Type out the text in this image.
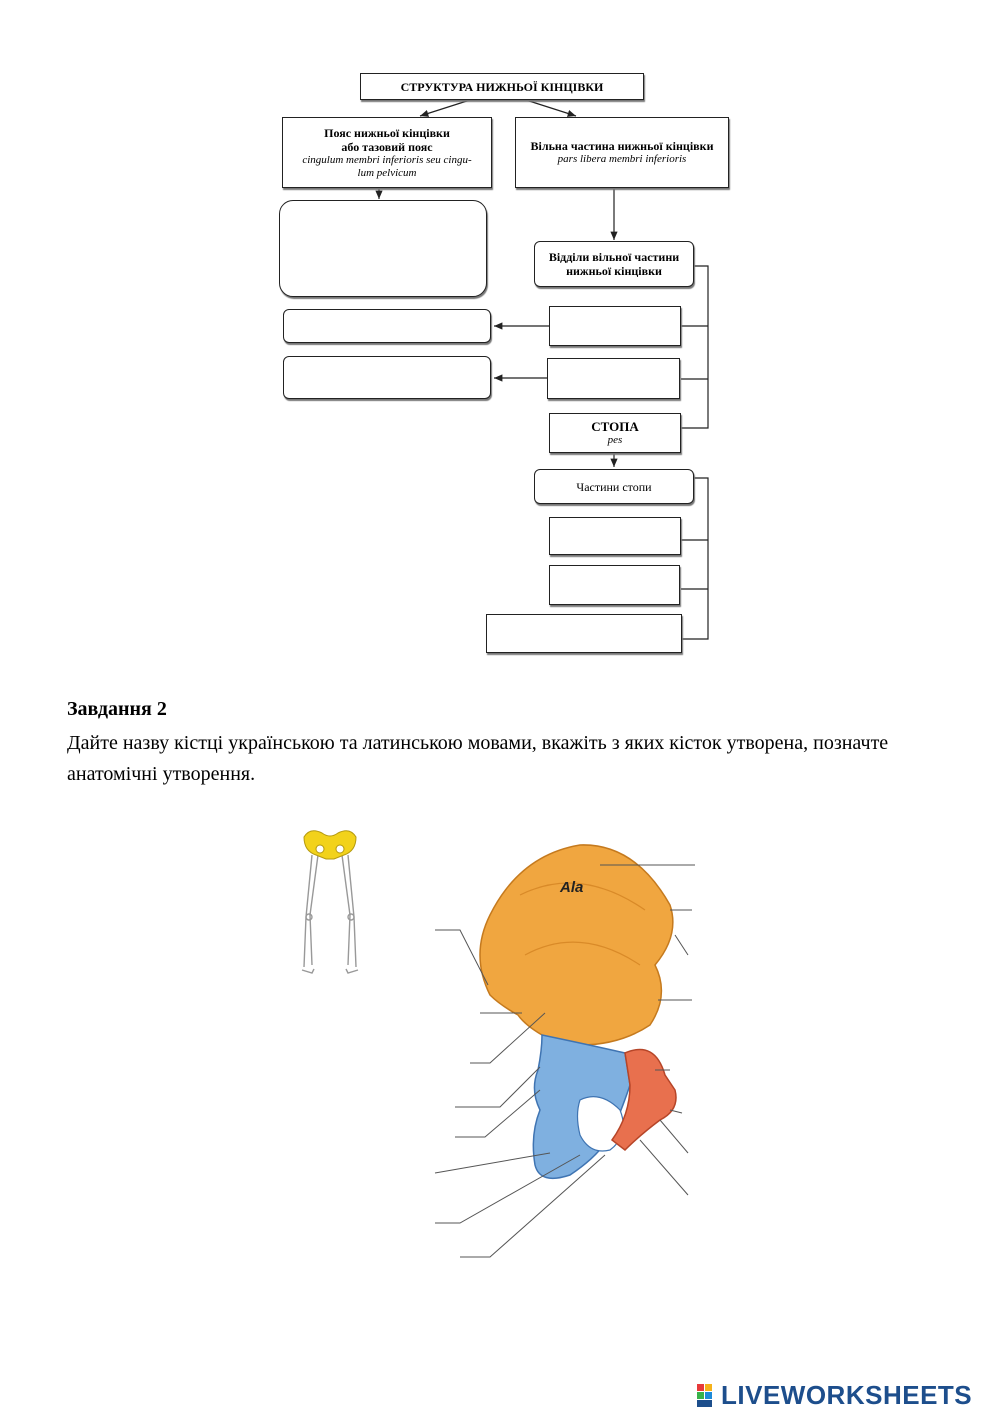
СТРУКТУРА НИЖНЬОЇ КІНЦІВКИ
Пояс нижньої кінцівки
або тазовий пояс
cingulum membri inferioris seu cingu-
lum pelvicum
Вільна частина нижньої кінцівки
pars libera membri inferioris
Відділи вільної частини
нижньої кінцівки
СТОПА
pes
Частини стопи
Завдання 2
Дайте назву кістці українською та латинською мовами, вкажіть з яких кісток утворена, позначте анатомічні утворення.
Ala
LIVEWORKSHEETS
